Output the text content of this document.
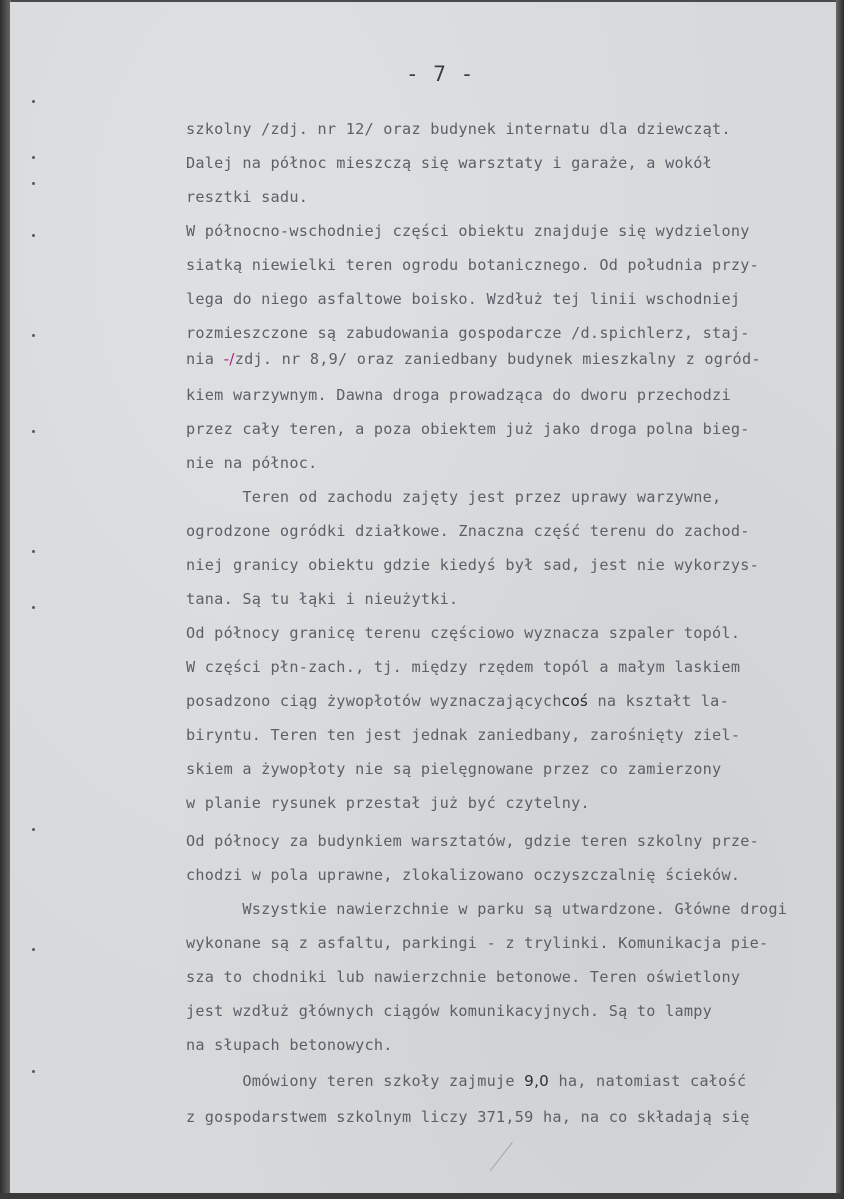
- 7 -
szkolny /zdj. nr 12/ oraz budynek internatu dla dziewcząt.
Dalej na północ mieszczą się warsztaty i garaże, a wokół
resztki sadu.
W północno-wschodniej części obiektu znajduje się wydzielony
siatką niewielki teren ogrodu botanicznego. Od południa przy-
lega do niego asfaltowe boisko. Wzdłuż tej linii wschodniej
rozmieszczone są zabudowania gospodarcze /d.spichlerz, staj-
nia -/zdj. nr 8,9/ oraz zaniedbany budynek mieszkalny z ogród-
kiem warzywnym. Dawna droga prowadząca do dworu przechodzi
przez cały teren, a poza obiektem już jako droga polna bieg-
nie na północ.
Teren od zachodu zajęty jest przez uprawy warzywne,
ogrodzone ogródki działkowe. Znaczna część terenu do zachod-
niej granicy obiektu gdzie kiedyś był sad, jest nie wykorzys-
tana. Są tu łąki i nieużytki.
Od północy granicę terenu częściowo wyznacza szpaler topól.
W części płn-zach., tj. między rzędem topól a małym laskiem
posadzono ciąg żywopłotów wyznaczającychcoś na kształt la-
biryntu. Teren ten jest jednak zaniedbany, zarośnięty ziel-
skiem a żywopłoty nie są pielęgnowane przez co zamierzony
w planie rysunek przestał już być czytelny.
Od północy za budynkiem warsztatów, gdzie teren szkolny prze-
chodzi w pola uprawne, zlokalizowano oczyszczalnię ścieków.
Wszystkie nawierzchnie w parku są utwardzone. Główne drogi
wykonane są z asfaltu, parkingi - z trylinki. Komunikacja pie-
sza to chodniki lub nawierzchnie betonowe. Teren oświetlony
jest wzdłuż głównych ciągów komunikacyjnych. Są to lampy
na słupach betonowych.
Omówiony teren szkoły zajmuje 9,0 ha, natomiast całość
z gospodarstwem szkolnym liczy 371,59 ha, na co składają się
